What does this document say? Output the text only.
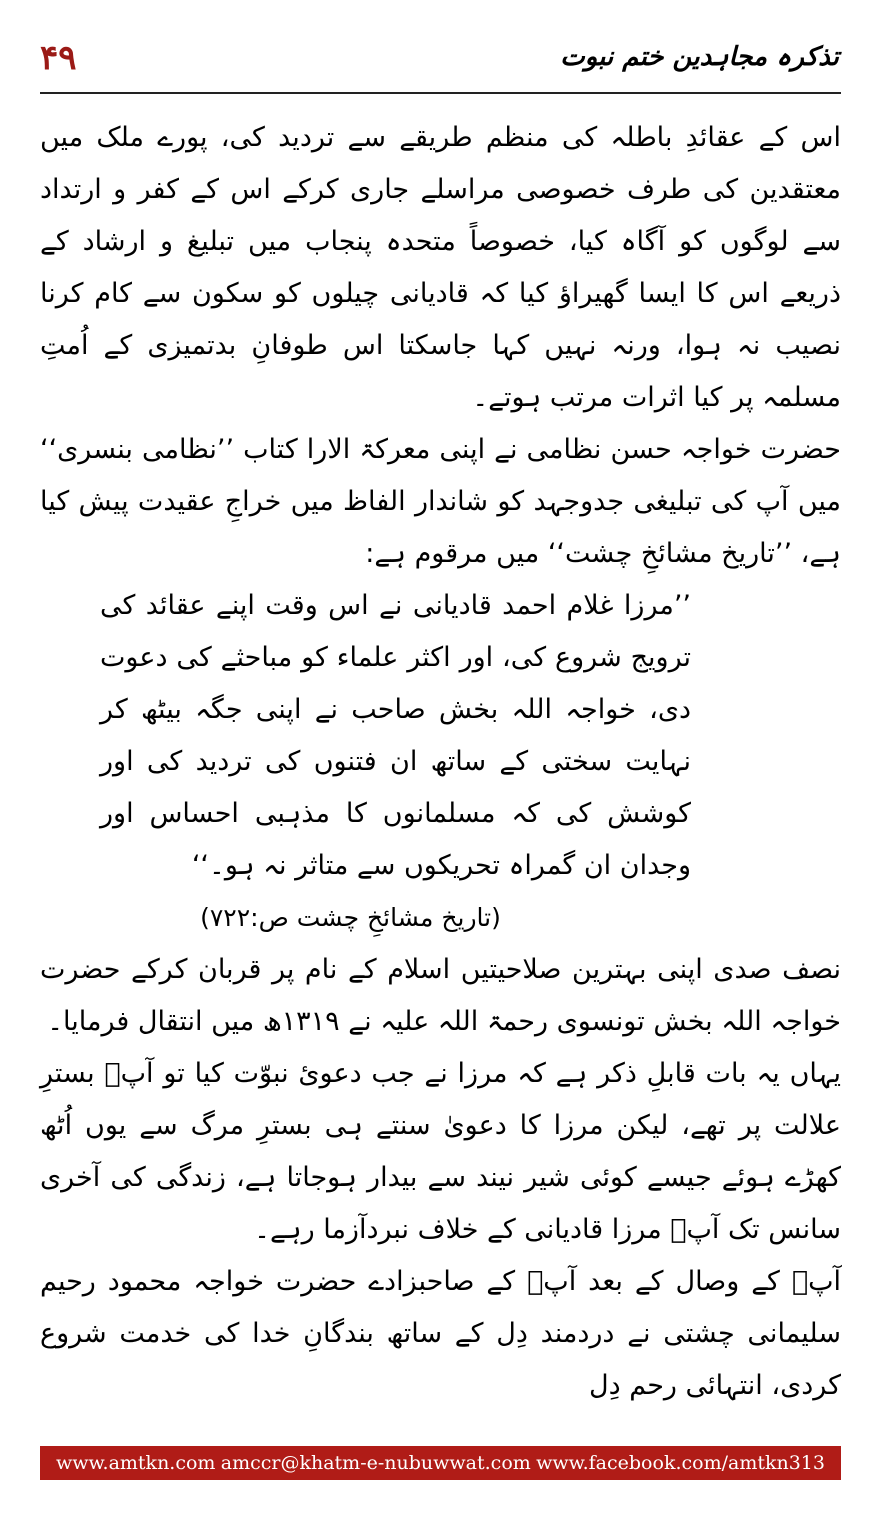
۴۹	تذکرہ مجاہدین ختم نبوت

اس کے عقائدِ باطلہ کی منظم طریقے سے تردید کی، پورے ملک میں معتقدین کی طرف خصوصی مراسلے جاری کرکے اس کے کفر و ارتداد سے لوگوں کو آگاہ کیا، خصوصاً متحدہ پنجاب میں تبلیغ و ارشاد کے ذریعے اس کا ایسا گھیراؤ کیا کہ قادیانی چیلوں کو سکون سے کام کرنا نصیب نہ ہوا، ورنہ نہیں کہا جاسکتا اس طوفانِ بدتمیزی کے اُمتِ مسلمہ پر کیا اثرات مرتب ہوتے۔

حضرت خواجہ حسن نظامی نے اپنی معرکۃ الارا کتاب ’’نظامی بنسری‘‘ میں آپ کی تبلیغی جدوجہد کو شاندار الفاظ میں خراجِ عقیدت پیش کیا ہے، ’’تاریخ مشائخِ چشت‘‘ میں مرقوم ہے:

’’مرزا غلام احمد قادیانی نے اس وقت اپنے عقائد کی ترویج شروع کی، اور اکثر علماء کو مباحثے کی دعوت دی، خواجہ اللہ بخش صاحب نے اپنی جگہ بیٹھ کر نہایت سختی کے ساتھ ان فتنوں کی تردید کی اور کوشش کی کہ مسلمانوں کا مذہبی احساس اور وجدان ان گمراہ تحریکوں سے متاثر نہ ہو۔‘‘

(تاریخ مشائخِ چشت ص:۷۲۲)

نصف صدی اپنی بہترین صلاحیتیں اسلام کے نام پر قربان کرکے حضرت خواجہ اللہ بخش تونسوی رحمۃ اللہ علیہ نے ۱۳۱۹ھ میں انتقال فرمایا۔

یہاں یہ بات قابلِ ذکر ہے کہ مرزا نے جب دعویٔ نبوّت کیا تو آپؒ بسترِ علالت پر تھے، لیکن مرزا کا دعویٰ سنتے ہی بسترِ مرگ سے یوں اُٹھ کھڑے ہوئے جیسے کوئی شیر نیند سے بیدار ہوجاتا ہے، زندگی کی آخری سانس تک آپؒ مرزا قادیانی کے خلاف نبردآزما رہے۔

آپؒ کے وصال کے بعد آپؒ کے صاحبزادے حضرت خواجہ محمود رحیم سلیمانی چشتی نے دردمند دِل کے ساتھ بندگانِ خدا کی خدمت شروع کردی، انتہائی رحم دِل

www.amtkn.com amccr@khatm-e-nubuwwat.com www.facebook.com/amtkn313
